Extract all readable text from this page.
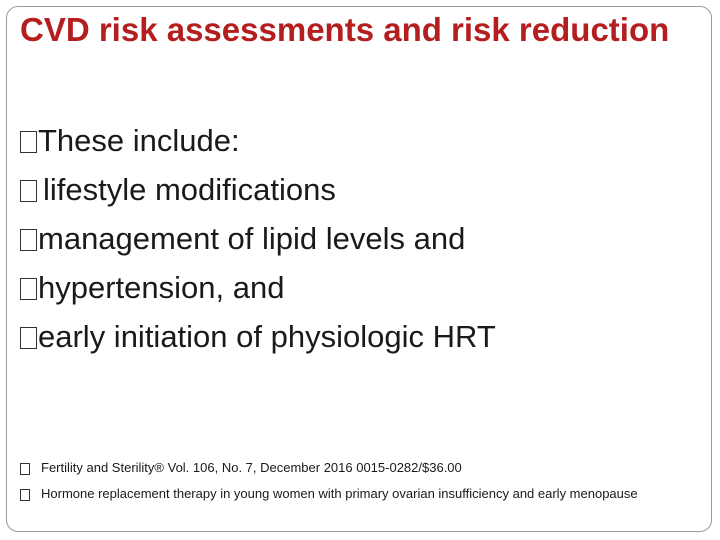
CVD risk assessments and risk reduction
These include:
lifestyle modifications
management of lipid levels and
hypertension, and
early initiation of physiologic HRT
Fertility and Sterility® Vol. 106, No. 7, December 2016 0015-0282/$36.00
Hormone replacement therapy in young women with primary ovarian insufficiency and early menopause
